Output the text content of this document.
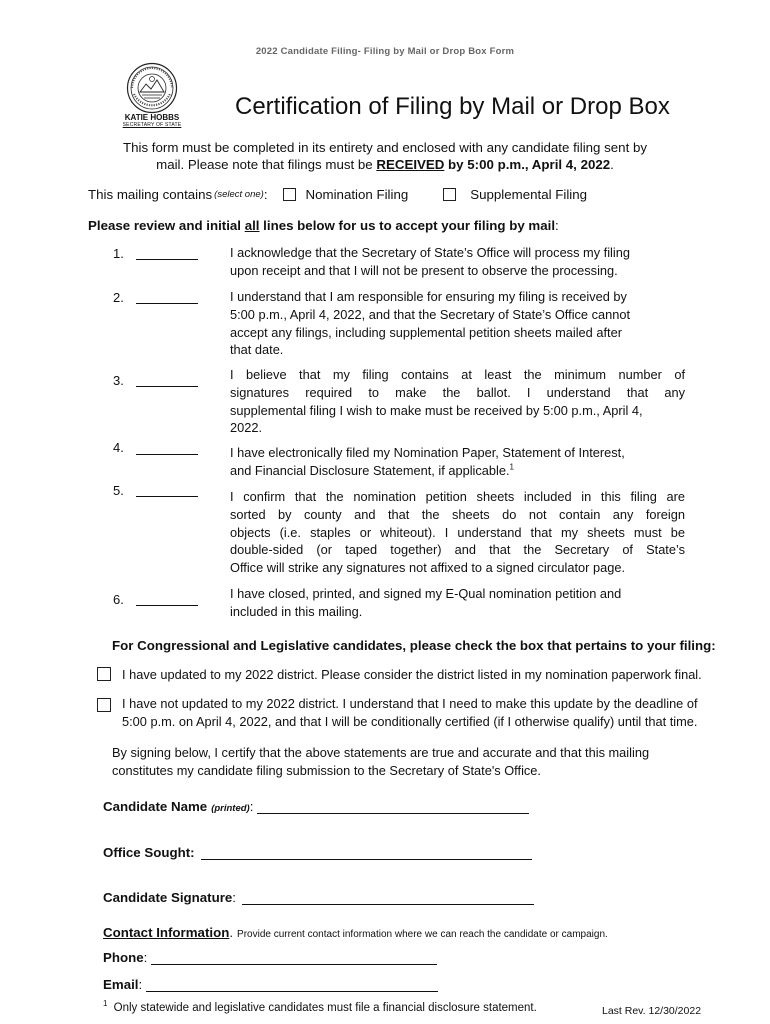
2022 Candidate Filing- Filing by Mail or Drop Box Form
KATIE HOBBS
SECRETARY OF STATE
Certification of Filing by Mail or Drop Box
This form must be completed in its entirety and enclosed with any candidate filing sent by
mail. Please note that filings must be RECEIVED by 5:00 p.m., April 4, 2022.
This mailing contains (select one) :	Nomination Filing	Supplemental Filing
Please review and initial all lines below for us to accept your filing by mail:
1.	I acknowledge that the Secretary of State’s Office will process my filing
upon receipt and that I will not be present to observe the processing.
2.	I understand that I am responsible for ensuring my filing is received by
5:00 p.m., April 4, 2022, and that the Secretary of State’s Office cannot
accept any filings, including supplemental petition sheets mailed after
that date.
3.	I believe that my filing contains at least the minimum number of
signatures required to make the ballot. I understand that any
supplemental filing I wish to make must be received by 5:00 p.m., April 4,
2022.
4.	I have electronically filed my Nomination Paper, Statement of Interest,
and Financial Disclosure Statement, if applicable.$^1$
5.	I confirm that the nomination petition sheets included in this filing are
sorted by county and that the sheets do not contain any foreign
objects (i.e. staples or whiteout). I understand that my sheets must be
double-sided (or taped together) and that the Secretary of State’s
Office will strike any signatures not affixed to a signed circulator page.
6.	I have closed, printed, and signed my E-Qual nomination petition and
included in this mailing.
For Congressional and Legislative candidates, please check the box that pertains to your filing:
I have updated to my 2022 district. Please consider the district listed in my nomination paperwork final.
I have not updated to my 2022 district. I understand that I need to make this update by the deadline of
5:00 p.m. on April 4, 2022, and that I will be conditionally certified (if I otherwise qualify) until that time.
By signing below, I certify that the above statements are true and accurate and that this mailing
constitutes my candidate filing submission to the Secretary of State's Office.
Candidate Name (printed) :
Office Sought:
Candidate Signature :
Contact Information . Provide current contact information where we can reach the candidate or campaign.
Phone :
Email :
$^1$ Only statewide and legislative candidates must file a financial disclosure statement.	Last Rev. 12/30/2022
